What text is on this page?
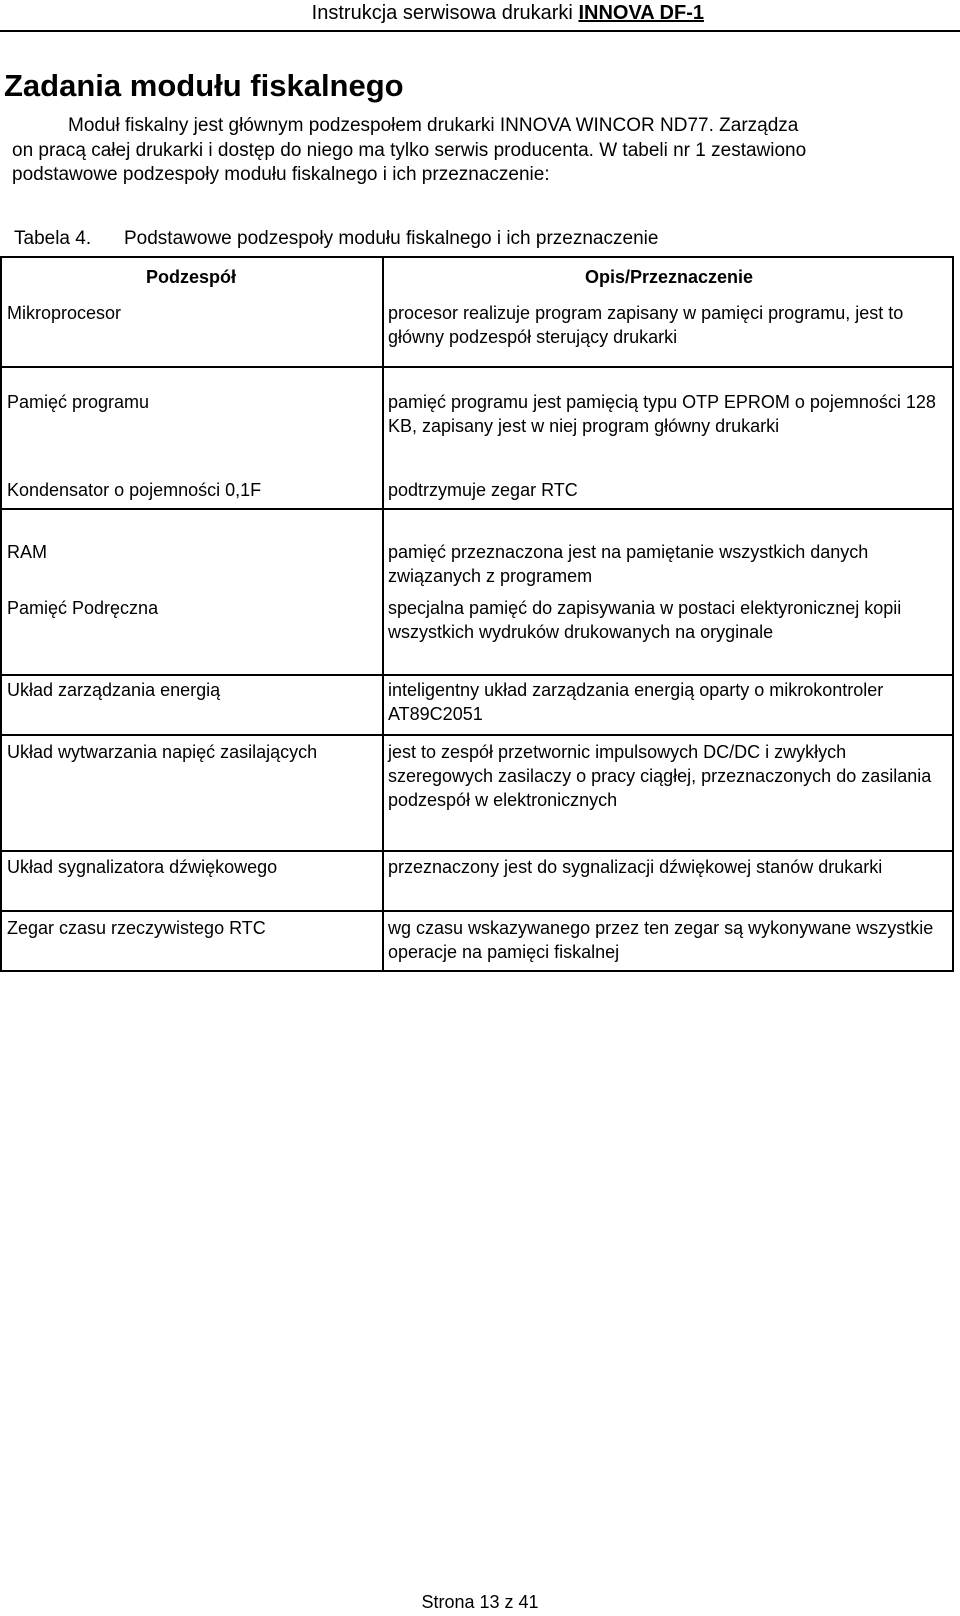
Instrukcja serwisowa drukarki INNOVA DF-1
Zadania modułu fiskalnego
Moduł fiskalny jest głównym podzespołem drukarki INNOVA WINCOR ND77. Zarządza
on pracą całej drukarki i dostęp do niego ma tylko serwis producenta. W tabeli nr 1 zestawiono
podstawowe podzespoły modułu fiskalnego i ich przeznaczenie:
Tabela 4. Podstawowe podzespoły modułu fiskalnego i ich przeznaczenie
Podzespół	Opis/Przeznaczenie
Mikroprocesor	procesor realizuje program zapisany w pamięci programu, jest to główny podzespół sterujący drukarki
Pamięć programu	pamięć programu jest pamięcią typu OTP EPROM o pojemności 128 KB, zapisany jest w niej program główny drukarki
Kondensator o pojemności 0,1F	podtrzymuje zegar RTC
RAM	pamięć przeznaczona jest na pamiętanie wszystkich danych związanych z programem
Pamięć Podręczna	specjalna pamięć do zapisywania w postaci elektyronicznej kopii wszystkich wydruków drukowanych na oryginale
Układ zarządzania energią	inteligentny układ zarządzania energią oparty o mikrokontroler AT89C2051
Układ wytwarzania napięć zasilających	jest to zespół przetwornic impulsowych DC/DC i zwykłych szeregowych zasilaczy o pracy ciągłej, przeznaczonych do zasilania podzespół w elektronicznych
Układ sygnalizatora dźwiękowego	przeznaczony jest do sygnalizacji dźwiękowej stanów drukarki
Zegar czasu rzeczywistego RTC	wg czasu wskazywanego przez ten zegar są wykonywane wszystkie operacje na pamięci fiskalnej
Strona 13 z 41
